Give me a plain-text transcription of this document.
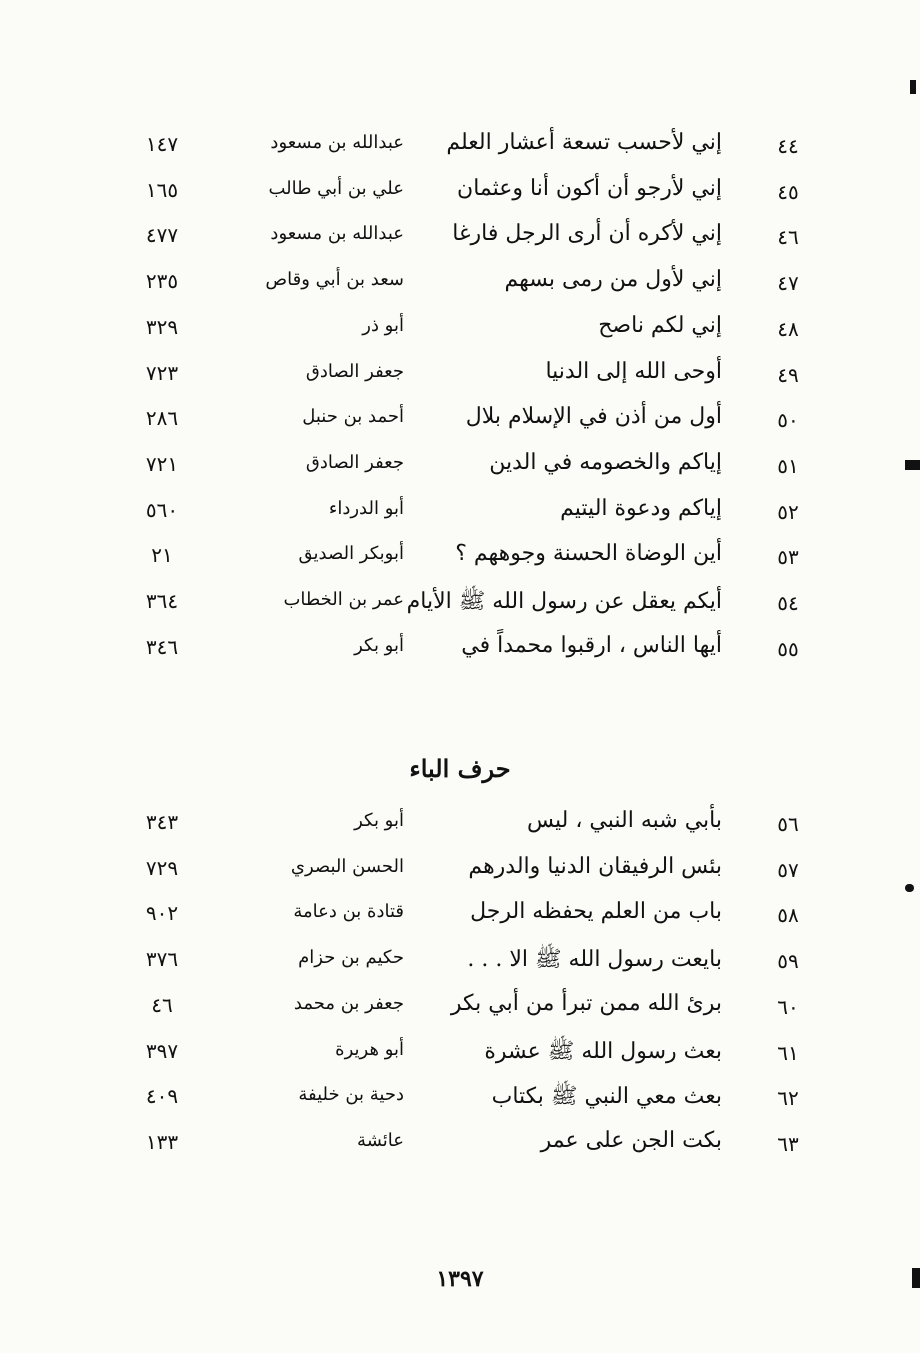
٤٤
إني لأحسب تسعة أعشار العلم
عبدالله بن مسعود
١٤٧
٤٥
إني لأرجو أن أكون أنا وعثمان
علي بن أبي طالب
١٦٥
٤٦
إني لأكره أن أرى الرجل فارغا
عبدالله بن مسعود
٤٧٧
٤٧
إني لأول من رمى بسهم
سعد بن أبي وقاص
٢٣٥
٤٨
إني لكم ناصح
أبو ذر
٣٢٩
٤٩
أوحى الله إلى الدنيا
جعفر الصادق
٧٢٣
٥٠
أول من أذن في الإسلام بلال
أحمد بن حنبل
٢٨٦
٥١
إياكم والخصومه في الدين
جعفر الصادق
٧٢١
٥٢
إياكم ودعوة اليتيم
أبو الدرداء
٥٦٠
٥٣
أين الوضاة الحسنة وجوههم ؟
أبوبكر الصديق
٢١
٥٤
أيكم يعقل عن رسول الله ﷺ الأيام
عمر بن الخطاب
٣٦٤
٥٥
أيها الناس ، ارقبوا محمداً في
أبو بكر
٣٤٦
حرف الباء
٥٦
بأبي شبه النبي ، ليس
أبو بكر
٣٤٣
٥٧
بئس الرفيقان الدنيا والدرهم
الحسن البصري
٧٢٩
٥٨
باب من العلم يحفظه الرجل
قتادة بن دعامة
٩٠٢
٥٩
بايعت رسول الله ﷺ الا . . .
حكيم بن حزام
٣٧٦
٦٠
برئ الله ممن تبرأ من أبي بكر
جعفر بن محمد
٤٦
٦١
بعث رسول الله ﷺ عشرة
أبو هريرة
٣٩٧
٦٢
بعث معي النبي ﷺ بكتاب
دحية بن خليفة
٤٠٩
٦٣
بكت الجن على عمر
عائشة
١٣٣
١٣٩٧
